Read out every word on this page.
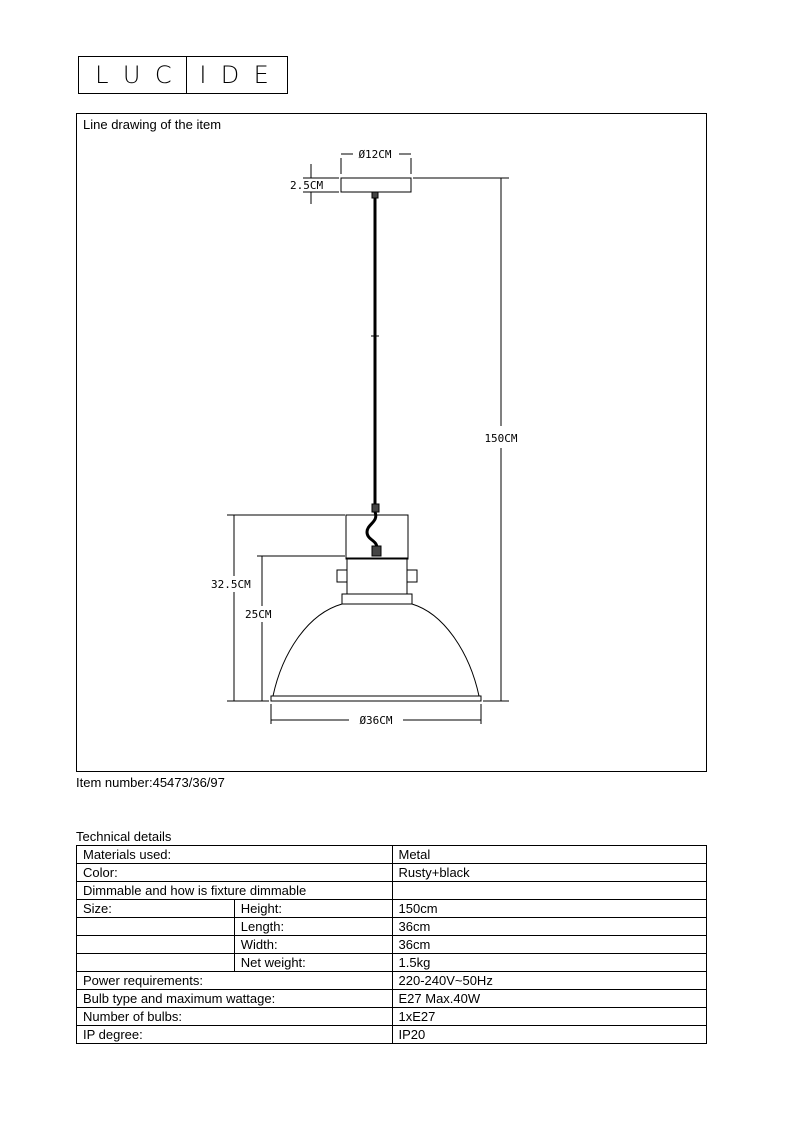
L U C I D E
Line drawing of the item
Ø12CM
2.5CM
150CM
32.5CM
25CM
Ø36CM
Item number:45473/36/97
Technical details
Materials used:		Metal
Color:		Rusty+black
Dimmable and how is fixture dimmable		
Size:	Height:	150cm
	Length:	36cm
	Width:	36cm
	Net weight:	1.5kg
Power requirements:		220-240V~50Hz
Bulb type and maximum wattage:		E27 Max.40W
Number of bulbs:		1xE27
IP degree:		IP20
